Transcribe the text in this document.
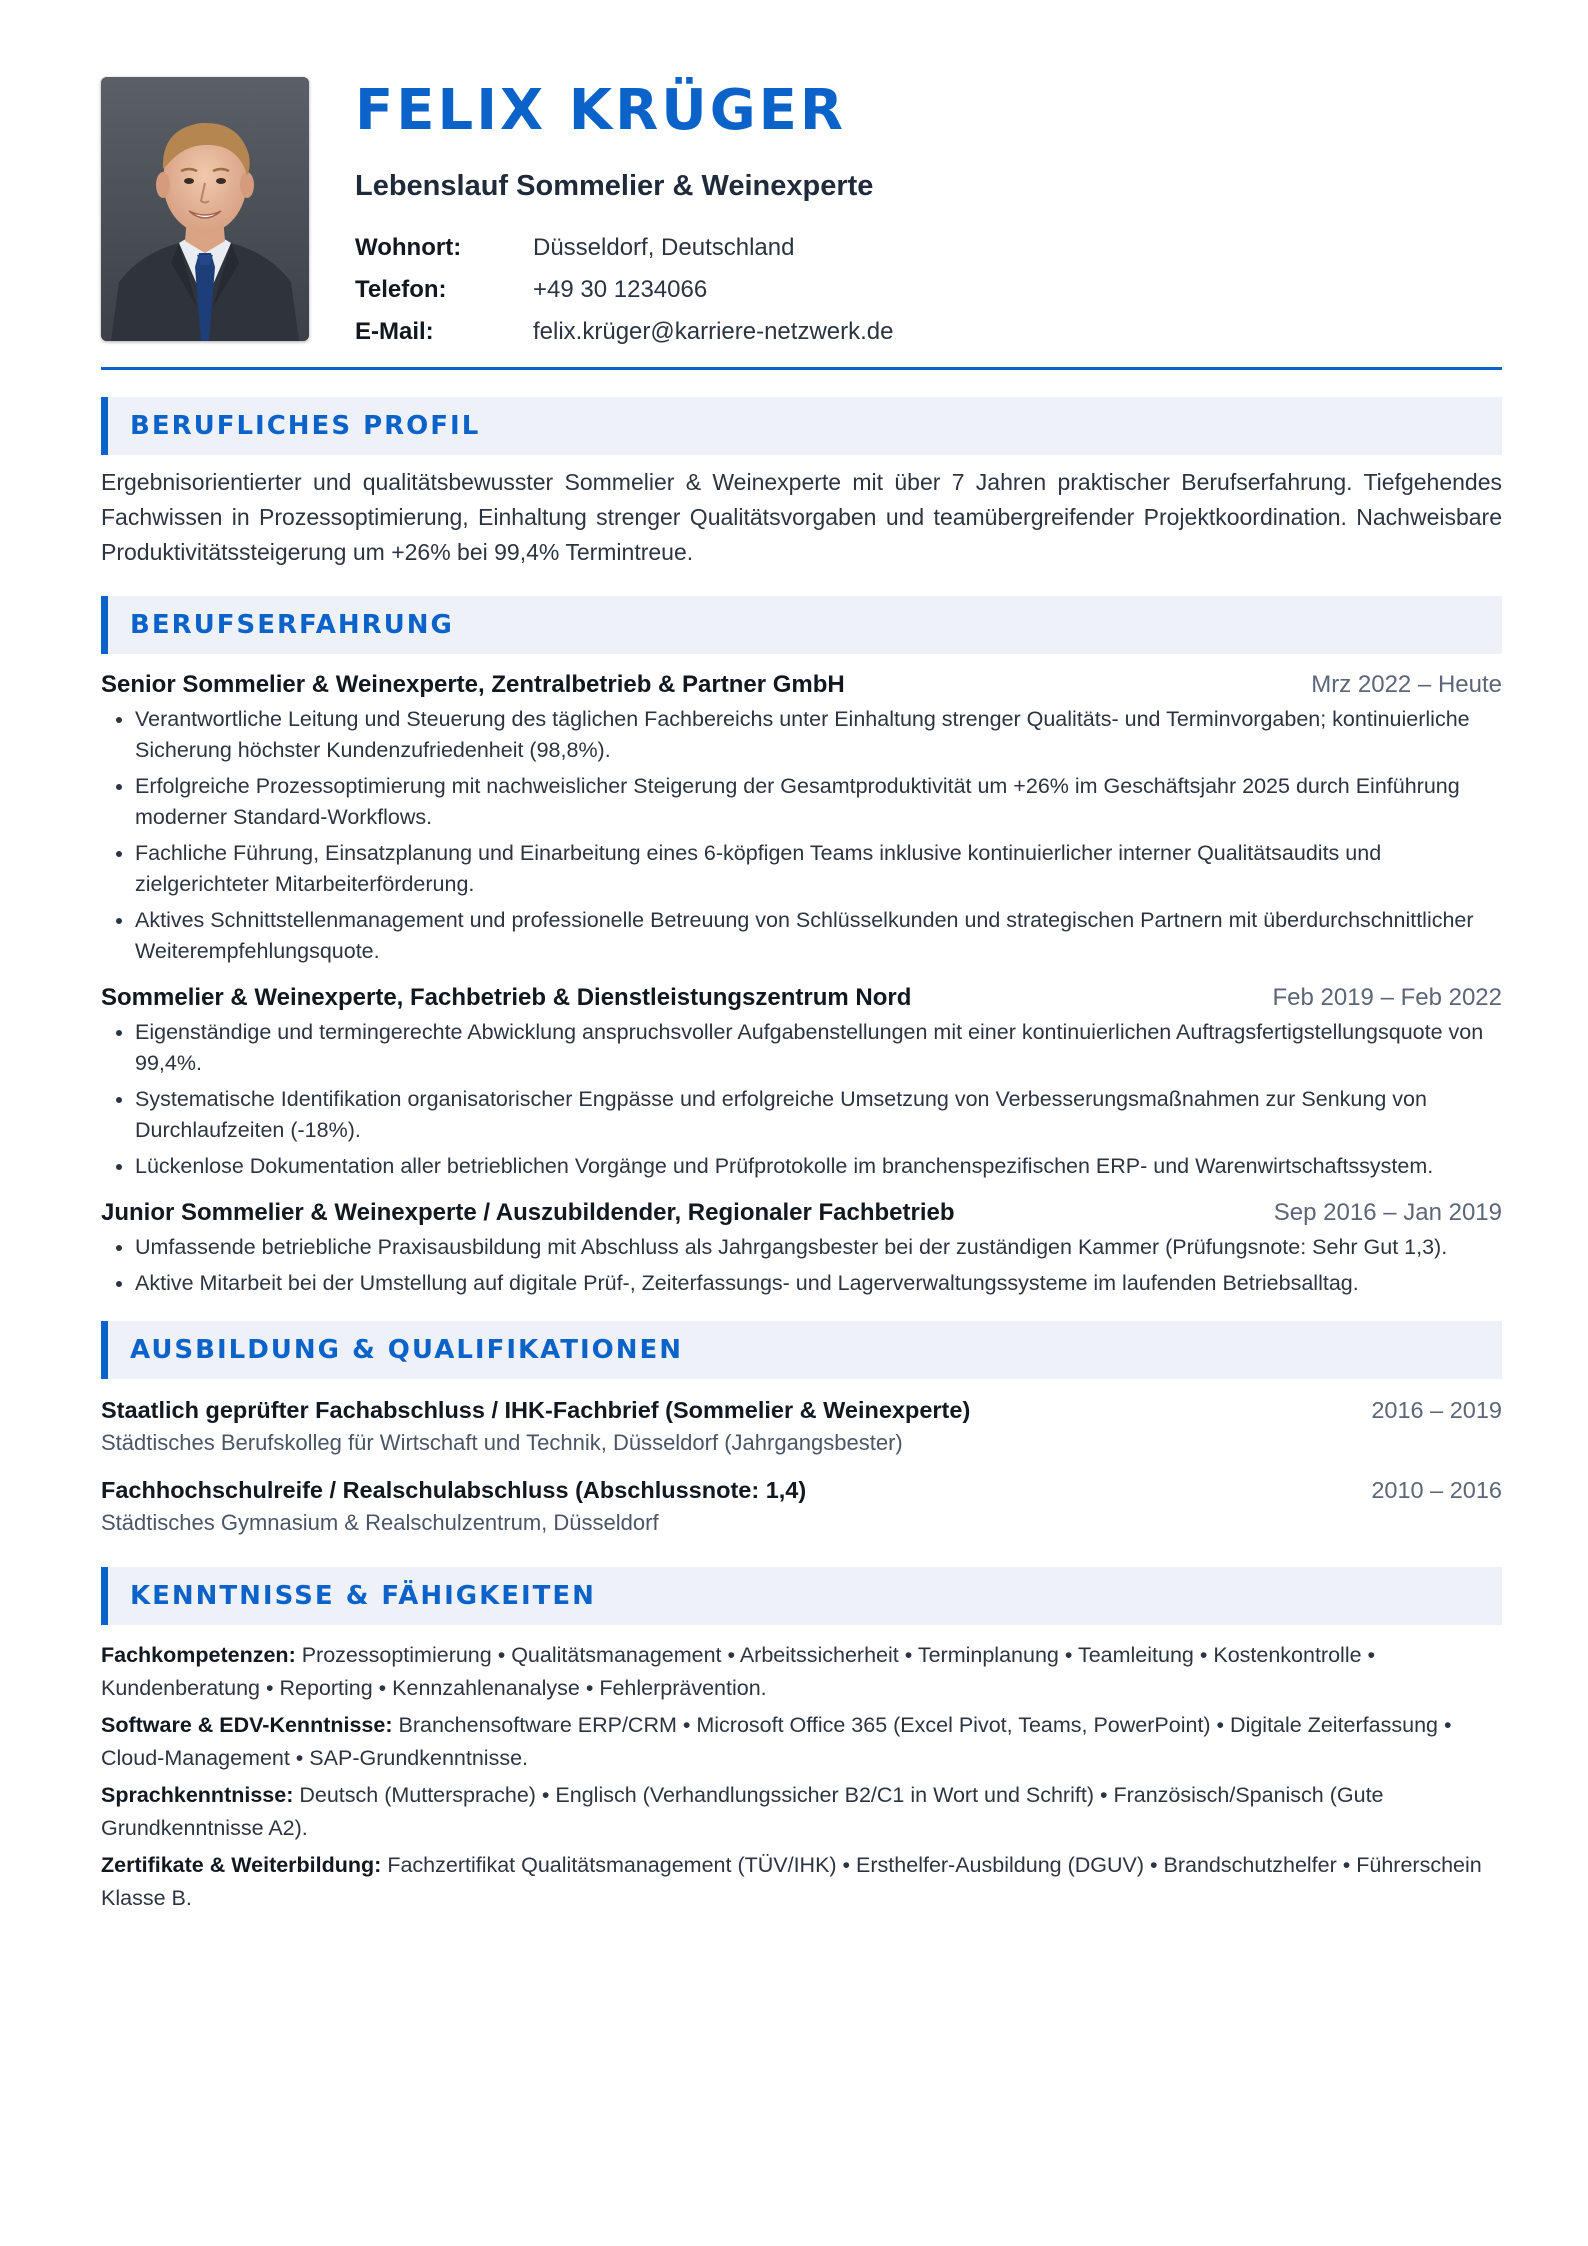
FELIX KRÜGER
Lebenslauf Sommelier & Weinexperte
Wohnort:	Düsseldorf, Deutschland
Telefon:	+49 30 1234066
E-Mail:	felix.krüger@karriere-netzwerk.de
BERUFLICHES PROFIL

Ergebnisorientierter und qualitätsbewusster Sommelier & Weinexperte mit über 7 Jahren praktischer Berufserfahrung. Tiefgehendes Fachwissen in Prozessoptimierung, Einhaltung strenger Qualitätsvorgaben und teamübergreifender Projektkoordination. Nachweisbare Produktivitätssteigerung um +26% bei 99,4% Termintreue.

BERUFSERFAHRUNG
Senior Sommelier & Weinexperte, Zentralbetrieb & Partner GmbH	Mrz 2022 – Heute
• Verantwortliche Leitung und Steuerung des täglichen Fachbereichs unter Einhaltung strenger Qualitäts- und Terminvorgaben; kontinuierliche Sicherung höchster Kundenzufriedenheit (98,8%).
• Erfolgreiche Prozessoptimierung mit nachweislicher Steigerung der Gesamtproduktivität um +26% im Geschäftsjahr 2025 durch Einführung moderner Standard-Workflows.
• Fachliche Führung, Einsatzplanung und Einarbeitung eines 6-köpfigen Teams inklusive kontinuierlicher interner Qualitätsaudits und zielgerichteter Mitarbeiterförderung.
• Aktives Schnittstellenmanagement und professionelle Betreuung von Schlüsselkunden und strategischen Partnern mit überdurchschnittlicher Weiterempfehlungsquote.
Sommelier & Weinexperte, Fachbetrieb & Dienstleistungszentrum Nord	Feb 2019 – Feb 2022
• Eigenständige und termingerechte Abwicklung anspruchsvoller Aufgabenstellungen mit einer kontinuierlichen Auftragsfertigstellungsquote von 99,4%.
• Systematische Identifikation organisatorischer Engpässe und erfolgreiche Umsetzung von Verbesserungsmaßnahmen zur Senkung von Durchlaufzeiten (-18%).
• Lückenlose Dokumentation aller betrieblichen Vorgänge und Prüfprotokolle im branchenspezifischen ERP- und Warenwirtschaftssystem.
Junior Sommelier & Weinexperte / Auszubildender, Regionaler Fachbetrieb	Sep 2016 – Jan 2019
• Umfassende betriebliche Praxisausbildung mit Abschluss als Jahrgangsbester bei der zuständigen Kammer (Prüfungsnote: Sehr Gut 1,3).
• Aktive Mitarbeit bei der Umstellung auf digitale Prüf-, Zeiterfassungs- und Lagerverwaltungssysteme im laufenden Betriebsalltag.
AUSBILDUNG & QUALIFIKATIONEN
Staatlich geprüfter Fachabschluss / IHK-Fachbrief (Sommelier & Weinexperte)	2016 – 2019
Städtisches Berufskolleg für Wirtschaft und Technik, Düsseldorf (Jahrgangsbester)
Fachhochschulreife / Realschulabschluss (Abschlussnote: 1,4)	2010 – 2016
Städtisches Gymnasium & Realschulzentrum, Düsseldorf
KENNTNISSE & FÄHIGKEITEN
Fachkompetenzen: Prozessoptimierung • Qualitätsmanagement • Arbeitssicherheit • Terminplanung • Teamleitung • Kostenkontrolle • Kundenberatung • Reporting • Kennzahlenanalyse • Fehlerprävention.
Software & EDV-Kenntnisse: Branchensoftware ERP/CRM • Microsoft Office 365 (Excel Pivot, Teams, PowerPoint) • Digitale Zeiterfassung • Cloud-Management • SAP-Grundkenntnisse.
Sprachkenntnisse: Deutsch (Muttersprache) • Englisch (Verhandlungssicher B2/C1 in Wort und Schrift) • Französisch/Spanisch (Gute Grundkenntnisse A2).
Zertifikate & Weiterbildung: Fachzertifikat Qualitätsmanagement (TÜV/IHK) • Ersthelfer-Ausbildung (DGUV) • Brandschutzhelfer • Führerschein Klasse B.
